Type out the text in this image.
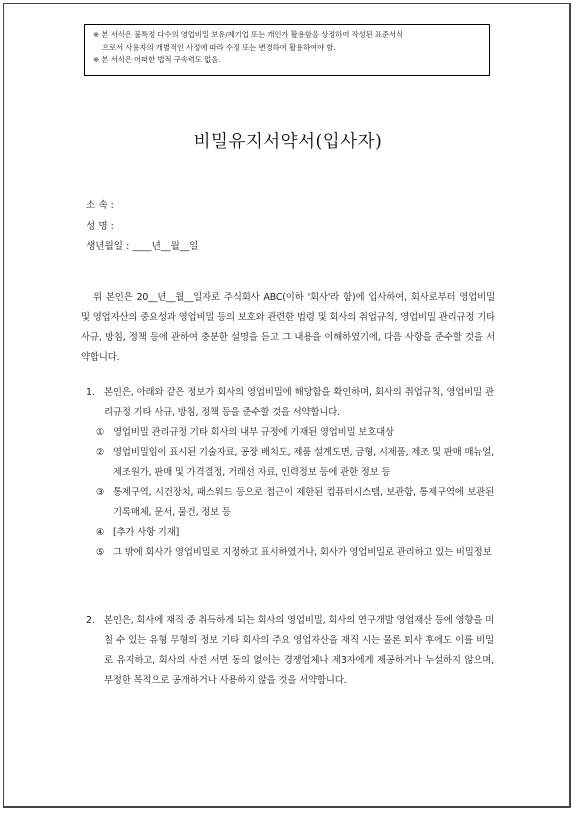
※ 본 서식은 불특정 다수의 영업비밀 보유/제기업 또는 개인가 활용함을 상정하여 작성된 표준서식
으로서 사용자의 개별적인 사정에 따라 수정 또는 변경하여 활용하여야 함.
※ 본 서식은 어떠한 법적 구속력도 없음.
비밀유지서약서(입사자)
소 속 :
성 명 :
생년월일 : ____년__월__일
위 본인은 20__년__월__일자로 주식회사 ABC(이하 '회사'라 함)에 입사하여, 회사로부터 영업비밀 및 영업자산의 중요성과 영업비밀 등의 보호와 관련한 법령 및 회사의 취업규칙, 영업비밀 관리규정 기타 사규, 방침, 정책 등에 관하여 충분한 설명을 듣고 그 내용을 이해하였기에, 다음 사항을 준수할 것을 서약합니다.
1. 본인은, 아래와 같은 정보가 회사의 영업비밀에 해당함을 확인하며, 회사의 취업규칙, 영업비밀 관리규정 기타 사규, 방침, 정책 등을 준수할 것을 서약합니다.
① 영업비밀 관리규정 기타 회사의 내부 규정에 기재된 영업비밀 보호대상
② 영업비밀임이 표시된 기술자료, 공장 배치도, 제품 설계도면, 금형, 시제품, 제조 및 판매 매뉴얼, 제조원가, 판매 및 가격결정, 거래선 자료, 인력정보 등에 관한 정보 등
③ 통제구역, 시건장치, 패스워드 등으로 접근이 제한된 컴퓨터시스템, 보관함, 통제구역에 보관된 기록매체, 문서, 물건, 정보 등
④ [추가 사항 기재]
⑤ 그 밖에 회사가 영업비밀로 지정하고 표시하였거나, 회사가 영업비밀로 관리하고 있는 비밀정보
2. 본인은, 회사에 재직 중 취득하게 되는 회사의 영업비밀, 회사의 연구개발 영업재산 등에 영향을 미칠 수 있는 유형 무형의 정보 기타 회사의 주요 영업자산을 재직 시는 물론 퇴사 후에도 이를 비밀로 유지하고, 회사의 사전 서면 동의 없이는 경쟁업체나 제3자에게 제공하거나 누설하지 않으며, 부정한 목적으로 공개하거나 사용하지 않을 것을 서약합니다.
